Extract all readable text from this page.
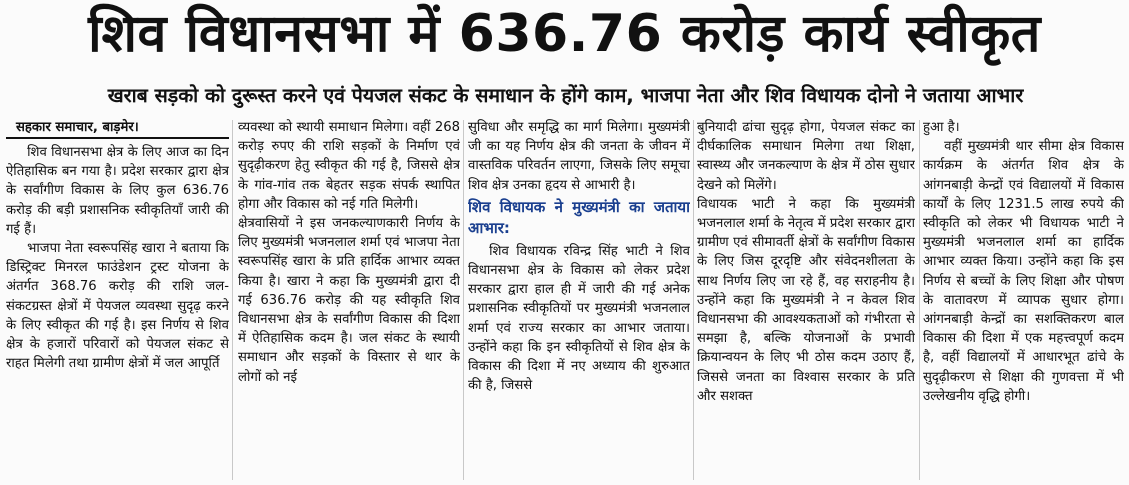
शिव विधानसभा में 636.76 करोड़ कार्य स्वीकृत
खराब सड़को को दुरूस्त करने एवं पेयजल संकट के समाधान के होंगे काम, भाजपा नेता और शिव विधायक दोनो ने जताया आभार
सहकार समाचार, बाड़मेर।

शिव विधानसभा क्षेत्र के लिए आज का दिन ऐतिहासिक बन गया है। प्रदेश सरकार द्वारा क्षेत्र के सर्वांगीण विकास के लिए कुल 636.76 करोड़ की बड़ी प्रशासनिक स्वीकृतियाँ जारी की गई हैं।

भाजपा नेता स्वरूपसिंह खारा ने बताया कि डिस्ट्रिक्ट मिनरल फाउंडेशन ट्रस्ट योजना के अंतर्गत 368.76 करोड़ की राशि जल-संकटग्रस्त क्षेत्रों में पेयजल व्यवस्था सुदृढ़ करने के लिए स्वीकृत की गई है। इस निर्णय से शिव क्षेत्र के हजारों परिवारों को पेयजल संकट से राहत मिलेगी तथा ग्रामीण क्षेत्रों में जल आपूर्ति

व्यवस्था को स्थायी समाधान मिलेगा। वहीं 268 करोड़ रुपए की राशि सड़कों के निर्माण एवं सुदृढ़ीकरण हेतु स्वीकृत की गई है, जिससे क्षेत्र के गांव-गांव तक बेहतर सड़क संपर्क स्थापित होगा और विकास को नई गति मिलेगी।

क्षेत्रवासियों ने इस जनकल्याणकारी निर्णय के लिए मुख्यमंत्री भजनलाल शर्मा एवं भाजपा नेता स्वरूपसिंह खारा के प्रति हार्दिक आभार व्यक्त किया है। खारा ने कहा कि मुख्यमंत्री द्वारा दी गई 636.76 करोड़ की यह स्वीकृति शिव विधानसभा क्षेत्र के सर्वांगीण विकास की दिशा में ऐतिहासिक कदम है। जल संकट के स्थायी समाधान और सड़कों के विस्तार से थार के लोगों को नई

सुविधा और समृद्धि का मार्ग मिलेगा। मुख्यमंत्री जी का यह निर्णय क्षेत्र की जनता के जीवन में वास्तविक परिवर्तन लाएगा, जिसके लिए समूचा शिव क्षेत्र उनका हृदय से आभारी है।

शिव विधायक ने मुख्यमंत्री का जताया आभार:

शिव विधायक रविन्द्र सिंह भाटी ने शिव विधानसभा क्षेत्र के विकास को लेकर प्रदेश सरकार द्वारा हाल ही में जारी की गई अनेक प्रशासनिक स्वीकृतियों पर मुख्यमंत्री भजनलाल शर्मा एवं राज्य सरकार का आभार जताया। उन्होंने कहा कि इन स्वीकृतियों से शिव क्षेत्र के विकास की दिशा में नए अध्याय की शुरुआत की है, जिससे

बुनियादी ढांचा सुदृढ़ होगा, पेयजल संकट का दीर्घकालिक समाधान मिलेगा तथा शिक्षा, स्वास्थ्य और जनकल्याण के क्षेत्र में ठोस सुधार देखने को मिलेंगे।

विधायक भाटी ने कहा कि मुख्यमंत्री भजनलाल शर्मा के नेतृत्व में प्रदेश सरकार द्वारा ग्रामीण एवं सीमावर्ती क्षेत्रों के सर्वांगीण विकास के लिए जिस दूरदृष्टि और संवेदनशीलता के साथ निर्णय लिए जा रहे हैं, वह सराहनीय है। उन्होंने कहा कि मुख्यमंत्री ने न केवल शिव विधानसभा की आवश्यकताओं को गंभीरता से समझा है, बल्कि योजनाओं के प्रभावी क्रियान्वयन के लिए भी ठोस कदम उठाए हैं, जिससे जनता का विश्वास सरकार के प्रति और सशक्त

हुआ है।

वहीं मुख्यमंत्री थार सीमा क्षेत्र विकास कार्यक्रम के अंतर्गत शिव क्षेत्र के आंगनबाड़ी केन्द्रों एवं विद्यालयों में विकास कार्यों के लिए 1231.5 लाख रुपये की स्वीकृति को लेकर भी विधायक भाटी ने मुख्यमंत्री भजनलाल शर्मा का हार्दिक आभार व्यक्त किया। उन्होंने कहा कि इस निर्णय से बच्चों के लिए शिक्षा और पोषण के वातावरण में व्यापक सुधार होगा। आंगनबाड़ी केन्द्रों का सशक्तिकरण बाल विकास की दिशा में एक महत्त्वपूर्ण कदम है, वहीं विद्यालयों में आधारभूत ढांचे के सुदृढ़ीकरण से शिक्षा की गुणवत्ता में भी उल्लेखनीय वृद्धि होगी।
